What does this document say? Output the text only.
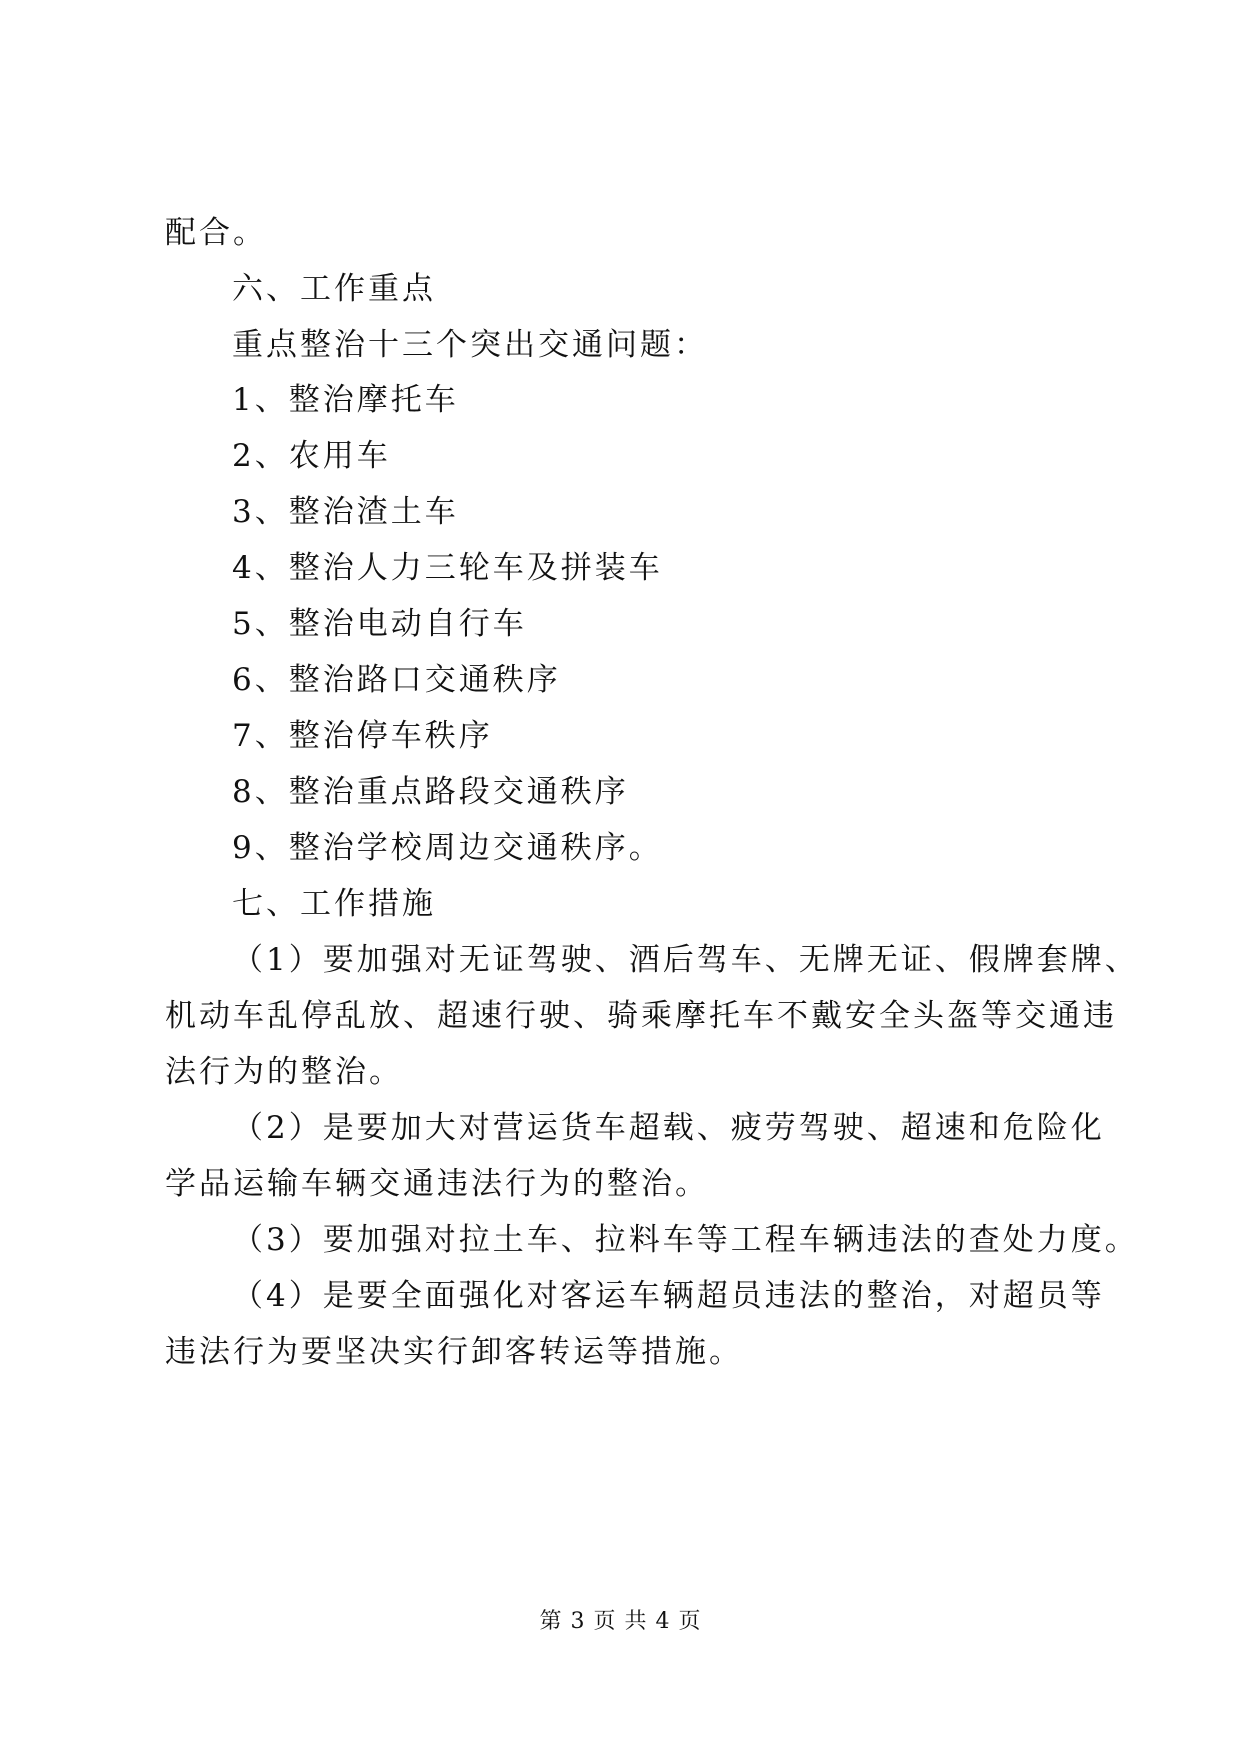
配合。
六、工作重点
重点整治十三个突出交通问题：
1、整治摩托车
2、农用车
3、整治渣土车
4、整治人力三轮车及拼装车
5、整治电动自行车
6、整治路口交通秩序
7、整治停车秩序
8、整治重点路段交通秩序
9、整治学校周边交通秩序。
七、工作措施
（1）要加强对无证驾驶、酒后驾车、无牌无证、假牌套牌、
机动车乱停乱放、超速行驶、骑乘摩托车不戴安全头盔等交通违
法行为的整治。
（2）是要加大对营运货车超载、疲劳驾驶、超速和危险化
学品运输车辆交通违法行为的整治。
（3）要加强对拉土车、拉料车等工程车辆违法的查处力度。
（4）是要全面强化对客运车辆超员违法的整治，对超员等
违法行为要坚决实行卸客转运等措施。
第 3 页 共 4 页
